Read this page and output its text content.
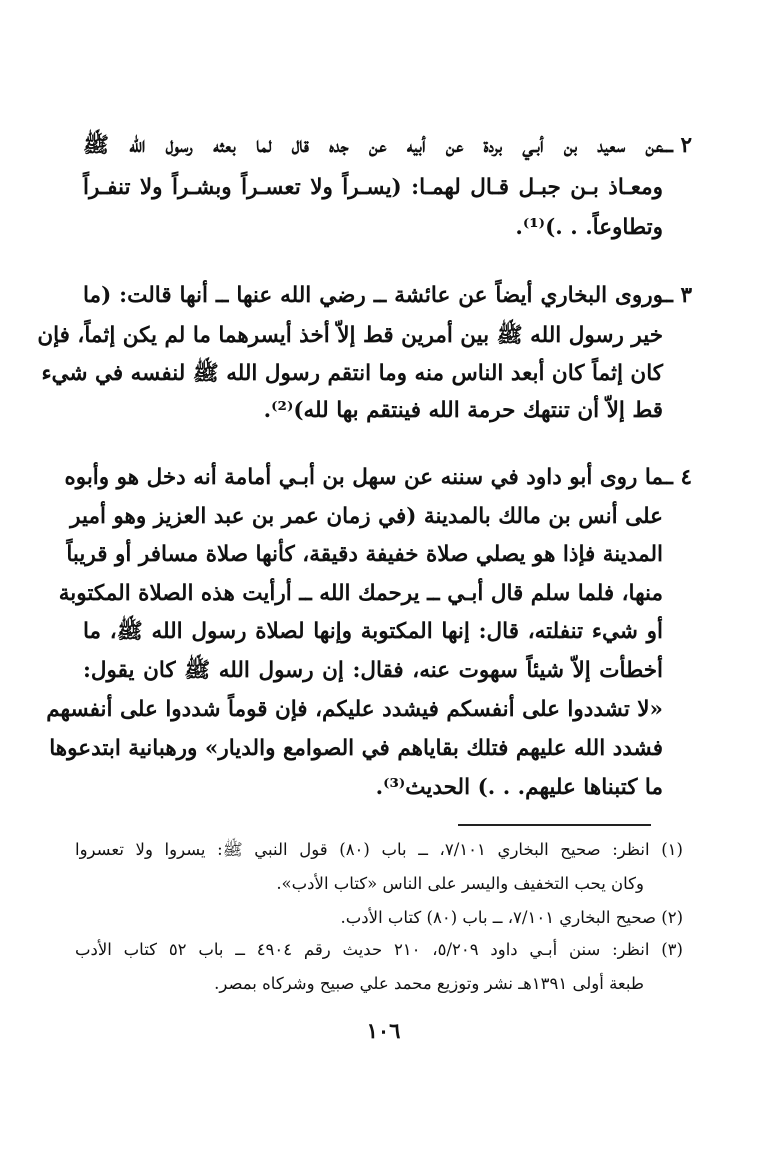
٢ ــ
عن سعيد بن أبـي بردة عن أبيه عن جده قال لما بعثه رسول الله ﷺ
ومعـاذ بـن جبـل قـال لهمـا: (يسـراً ولا تعسـراً وبشـراً ولا تنفـراً
وتطاوعاً. . .)⁽¹⁾.
٣ ــ
وروى البخاري أيضاً عن عائشة ــ رضي الله عنها ــ أنها قالت: (ما
خير رسول الله ﷺ بين أمرين قط إلاّ أخذ أيسرهما ما لم يكن إثماً، فإن
كان إثماً كان أبعد الناس منه وما انتقم رسول الله ﷺ لنفسه في شيء
قط إلاّ أن تنتهك حرمة الله فينتقم بها لله)⁽²⁾.
٤ ــ
ما روى أبو داود في سننه عن سهل بن أبـي أمامة أنه دخل هو وأبوه
على أنس بن مالك بالمدينة (في زمان عمر بن عبد العزيز وهو أمير
المدينة فإذا هو يصلي صلاة خفيفة دقيقة، كأنها صلاة مسافر أو قريباً
منها، فلما سلم قال أبـي ــ يرحمك الله ــ أرأيت هذه الصلاة المكتوبة
أو شيء تنفلته، قال: إنها المكتوبة وإنها لصلاة رسول الله ﷺ، ما
أخطأت إلاّ شيئاً سهوت عنه، فقال: إن رسول الله ﷺ كان يقول:
«لا تشددوا على أنفسكم فيشدد عليكم، فإن قوماً شددوا على أنفسهم
فشدد الله عليهم فتلك بقاياهم في الصوامع والديار» ورهبانية ابتدعوها
ما كتبناها عليهم. . .) الحديث⁽³⁾.
(١) انظر: صحيح البخاري ٧/١٠١، ــ باب (٨٠) قول النبي ﷺ: يسروا ولا تعسروا
وكان يحب التخفيف واليسر على الناس «كتاب الأدب».
(٢) صحيح البخاري ٧/١٠١، ــ باب (٨٠) كتاب الأدب.
(٣) انظر: سنن أبـي داود ٥/٢٠٩، ٢١٠ حديث رقم ٤٩٠٤ ــ باب ٥٢ كتاب الأدب
طبعة أولى ١٣٩١هـ نشر وتوزيع محمد علي صبيح وشركاه بمصر.
١٠٦
